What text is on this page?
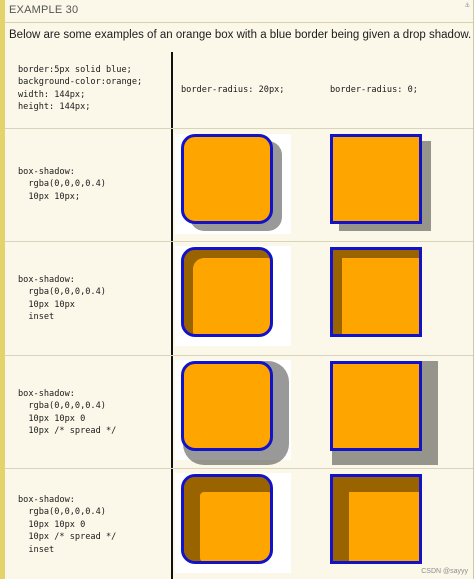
⚓
EXAMPLE 30
Below are some examples of an orange box with a blue border being given a drop shadow.
border:5px solid blue;
background-color:orange;
width: 144px;
height: 144px;
border-radius: 20px;	border-radius: 0;
box-shadow:
rgba(0,0,0,0.4)
10px 10px;
box-shadow:
rgba(0,0,0,0.4)
10px 10px
inset
box-shadow:
rgba(0,0,0,0.4)
10px 10px 0
10px /* spread */
box-shadow:
rgba(0,0,0,0.4)
10px 10px 0
10px /* spread */
inset
CSDN @sayyy
